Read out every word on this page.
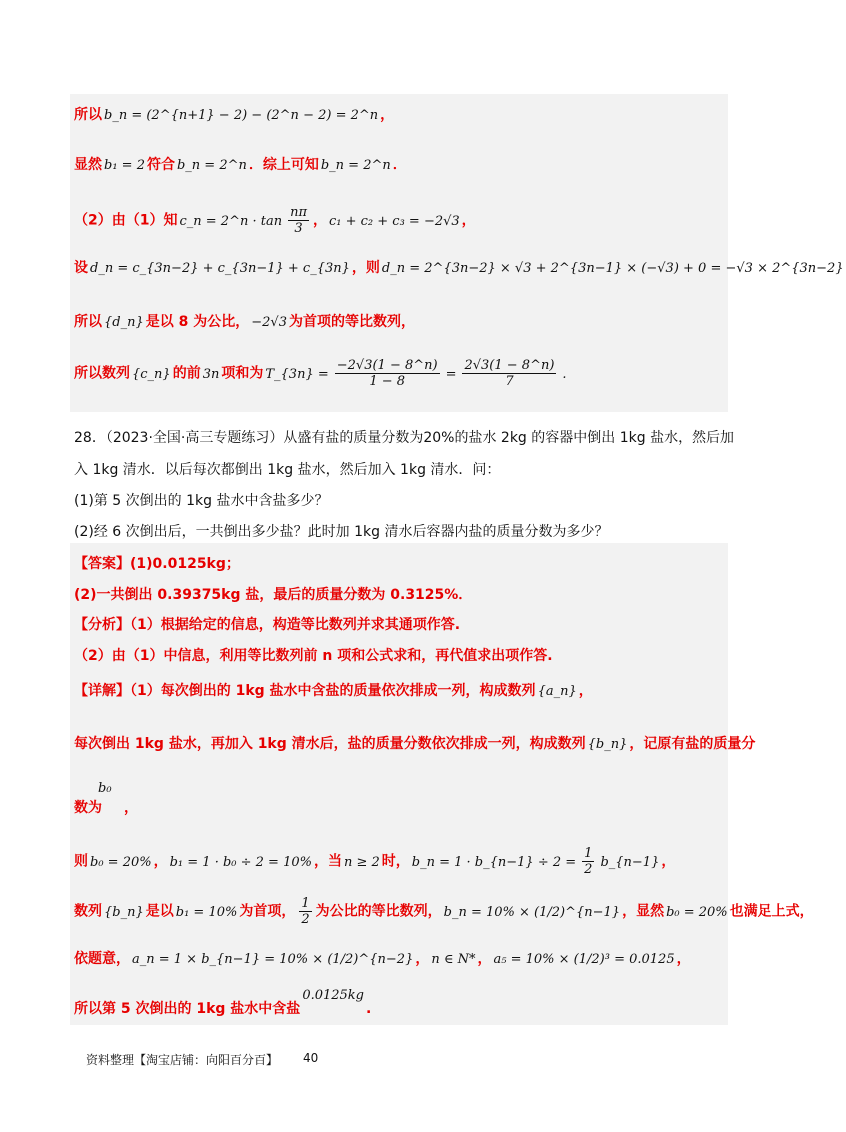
所以 b_n = (2^{n+1} − 2) − (2^n − 2) = 2^n ，
显然 b₁ = 2 符合 b_n = 2^n ．综上可知 b_n = 2^n ．
（2）由（1）知 c_n = 2^n · $\tan \frac{n\pi}{3}$ ， c₁ + c₂ + c₃ = −2√3 ，
设 d_n = c_{3n−2} + c_{3n−1} + c_{3n} ，则 d_n = 2^{3n−2} × √3 + 2^{3n−1} × (−√3) + 0 = −√3 × 2^{3n−2}
所以 {d_n} 是以 8 为公比， −2√3 为首项的等比数列，
所以数列 {c_n} 的前 3n 项和为 T_{3n} = $\frac{-2√3(1 - 8\^{}n)}{1 - 8} = \frac{2√3(1 - 8\^{}n)}{7}$ .
28．（2023·全国·高三专题练习）从盛有盐的质量分数为20%的盐水 2kg 的容器中倒出 1kg 盐水，然后加
入 1kg 清水．以后每次都倒出 1kg 盐水，然后加入 1kg 清水．问：
(1)第 5 次倒出的 1kg 盐水中含盐多少？
(2)经 6 次倒出后，一共倒出多少盐？此时加 1kg 清水后容器内盐的质量分数为多少？
【答案】(1)0.0125kg；
(2)一共倒出 0.39375kg 盐，最后的质量分数为 0.3125%．
【分析】（1）根据给定的信息，构造等比数列并求其通项作答.
（2）由（1）中信息，利用等比数列前 n 项和公式求和，再代值求出项作答.
【详解】（1）每次倒出的 1kg 盐水中含盐的质量依次排成一列，构成数列 {a_n} ，
每次倒出 1kg 盐水，再加入 1kg 清水后，盐的质量分数依次排成一列，构成数列 {b_n} ，记原有盐的质量分
b₀
数为 ，
则 b₀ = 20% ， b₁ = 1 · b₀ ÷ 2 = 10% ，当 n ≥ 2 时， b_n = 1 · b_{n−1} ÷ $2 = \frac{1}{2}$ b_{n−1} ，
数列 {b_n} 是以 b₁ = 10% 为首项， $\frac{1}{2}$ 为公比的等比数列， b_n = 10% × (1/2)^{n−1} ，显然 b₀ = 20% 也满足上式，
依题意， a_n = 1 × b_{n−1} = 10% × (1/2)^{n−2} ， n ∈ N* ， a₅ = 10% × (1/2)³ = 0.0125 ，
所以第 5 次倒出的 1kg 盐水中含盐0.0125kg.
资料整理【淘宝店铺：向阳百分百】 40
